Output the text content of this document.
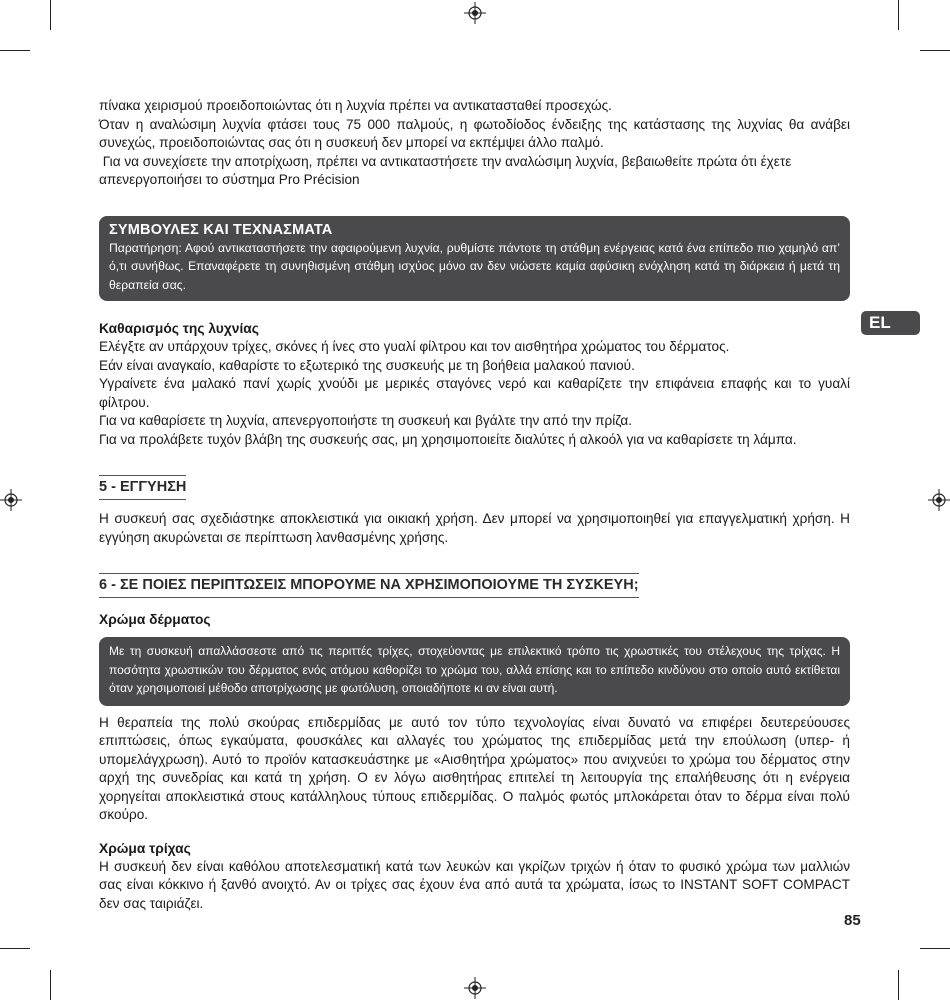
EL
85

πίνακα χειρισμού προειδοποιώντας ότι η λυχνία πρέπει να αντικατασταθεί προσεχώς.

Όταν η αναλώσιμη λυχνία φτάσει τους 75 000 παλμούς, η φωτοδίοδος ένδειξης της κατάστασης της λυχνίας θα ανάβει συνεχώς, προειδοποιώντας σας ότι η συσκευή δεν μπορεί να εκπέμψει άλλο παλμό.

Για να συνεχίσετε την αποτρίχωση, πρέπει να αντικαταστήσετε την αναλώσιμη λυχνία, βεβαιωθείτε πρώτα ότι έχετε απενεργοποιήσει το σύστημα Pro Précision

ΣΥΜΒΟΥΛΕΣ ΚΑΙ ΤΕΧΝΑΣΜΑΤΑ
Παρατήρηση: Αφού αντικαταστήσετε την αφαιρούμενη λυχνία, ρυθμίστε πάντοτε τη στάθμη ενέργειας κατά ένα επίπεδο πιο χαμηλό απ’ ό,τι συνήθως. Επαναφέρετε τη συνηθισμένη στάθμη ισχύος μόνο αν δεν νιώσετε καμία αφύσικη ενόχληση κατά τη διάρκεια ή μετά τη θεραπεία σας.
Καθαρισμός της λυχνίας

Ελέγξτε αν υπάρχουν τρίχες, σκόνες ή ίνες στο γυαλί φίλτρου και τον αισθητήρα χρώματος του δέρματος.

Εάν είναι αναγκαίο, καθαρίστε το εξωτερικό της συσκευής με τη βοήθεια μαλακού πανιού.

Υγραίνετε ένα μαλακό πανί χωρίς χνούδι με μερικές σταγόνες νερό και καθαρίζετε την επιφάνεια επαφής και το γυαλί φίλτρου.

Για να καθαρίσετε τη λυχνία, απενεργοποιήστε τη συσκευή και βγάλτε την από την πρίζα.

Για να προλάβετε τυχόν βλάβη της συσκευής σας, μη χρησιμοποιείτε διαλύτες ή αλκοόλ για να καθαρίσετε τη λάμπα.

5 - ΕΓΓΥΗΣΗ

Η συσκευή σας σχεδιάστηκε αποκλειστικά για οικιακή χρήση. Δεν μπορεί να χρησιμοποιηθεί για επαγγελματική χρήση. Η εγγύηση ακυρώνεται σε περίπτωση λανθασμένης χρήσης.

6 - ΣΕ ΠΟΙΕΣ ΠΕΡΙΠΤΩΣΕΙΣ ΜΠΟΡΟΥΜΕ ΝΑ ΧΡΗΣΙΜΟΠΟΙΟΥΜΕ ΤΗ ΣΥΣΚΕΥΗ;
Χρώμα δέρματος
Με τη συσκευή απαλλάσσεστε από τις περιττές τρίχες, στοχεύοντας με επιλεκτικό τρόπο τις χρωστικές του στέλεχους της τρίχας. Η ποσότητα χρωστικών του δέρματος ενός ατόμου καθορίζει το χρώμα του, αλλά επίσης και το επίπεδο κινδύνου στο οποίο αυτό εκτίθεται όταν χρησιμοποιεί μέθοδο αποτρίχωσης με φωτόλυση, οποιαδήποτε κι αν είναι αυτή.

Η θεραπεία της πολύ σκούρας επιδερμίδας με αυτό τον τύπο τεχνολογίας είναι δυνατό να επιφέρει δευτερεύουσες επιπτώσεις, όπως εγκαύματα, φουσκάλες και αλλαγές του χρώματος της επιδερμίδας μετά την επούλωση (υπερ- ή υπομελάγχρωση). Αυτό το προϊόν κατασκευάστηκε με «Αισθητήρα χρώματος» που ανιχνεύει το χρώμα του δέρματος στην αρχή της συνεδρίας και κατά τη χρήση. Ο εν λόγω αισθητήρας επιτελεί τη λειτουργία της επαλήθευσης ότι η ενέργεια χορηγείται αποκλειστικά στους κατάλληλους τύπους επιδερμίδας. Ο παλμός φωτός μπλοκάρεται όταν το δέρμα είναι πολύ σκούρο.

Χρώμα τρίχας

Η συσκευή δεν είναι καθόλου αποτελεσματική κατά των λευκών και γκρίζων τριχών ή όταν το φυσικό χρώμα των μαλλιών σας είναι κόκκινο ή ξανθό ανοιχτό. Αν οι τρίχες σας έχουν ένα από αυτά τα χρώματα, ίσως το INSTANT SOFT COMPACT δεν σας ταιριάζει.
